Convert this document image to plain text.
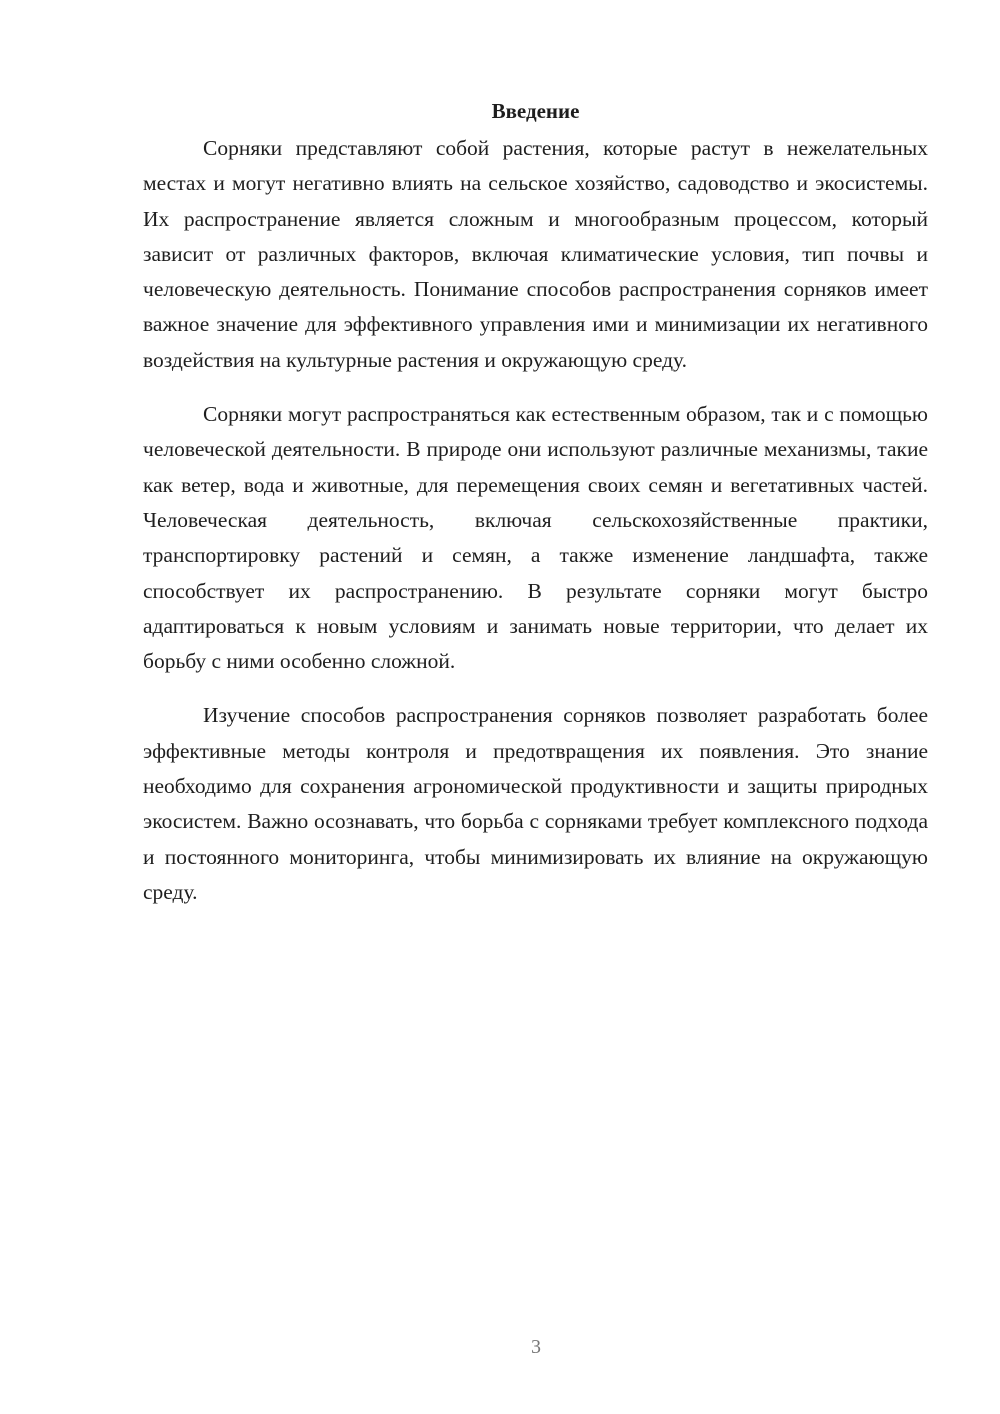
Введение

Сорняки представляют собой растения, которые растут в нежелательных местах и могут негативно влиять на сельское хозяйство, садоводство и экосистемы. Их распространение является сложным и многообразным процессом, который зависит от различных факторов, включая климатические условия, тип почвы и человеческую деятельность. Понимание способов распространения сорняков имеет важное значение для эффективного управления ими и минимизации их негативного воздействия на культурные растения и окружающую среду.

Сорняки могут распространяться как естественным образом, так и с помощью человеческой деятельности. В природе они используют различные механизмы, такие как ветер, вода и животные, для перемещения своих семян и вегетативных частей. Человеческая деятельность, включая сельскохозяйственные практики, транспортировку растений и семян, а также изменение ландшафта, также способствует их распространению. В результате сорняки могут быстро адаптироваться к новым условиям и занимать новые территории, что делает их борьбу с ними особенно сложной.

Изучение способов распространения сорняков позволяет разработать более эффективные методы контроля и предотвращения их появления. Это знание необходимо для сохранения агрономической продуктивности и защиты природных экосистем. Важно осознавать, что борьба с сорняками требует комплексного подхода и постоянного мониторинга, чтобы минимизировать их влияние на окружающую среду.

3
